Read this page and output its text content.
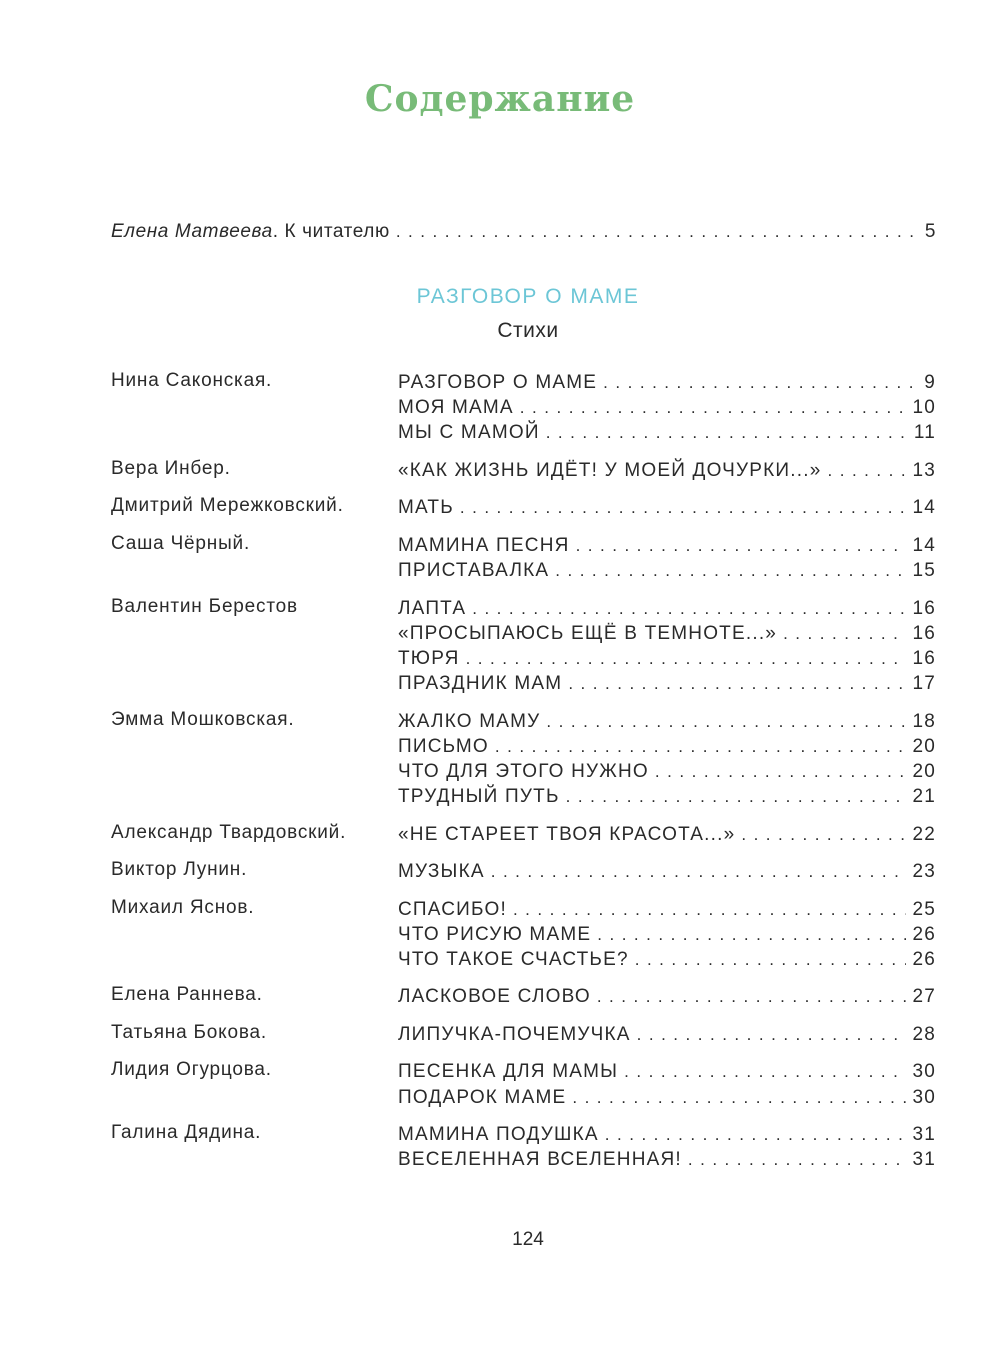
Содержание
Елена Матвеева . К читателю .....	5
РАЗГОВОР О МАМЕ
Стихи
Нина Саконская.	РАЗГОВОР О МАМЕ .....	9
МОЯ МАМА .....	10
МЫ С МАМОЙ .....	11
Вера Инбер.	«КАК ЖИЗНЬ ИДЁТ! У МОЕЙ ДОЧУРКИ...» .....	13
Дмитрий Мережковский.	МАТЬ .....	14
Саша Чёрный.	МАМИНА ПЕСНЯ .....	14
ПРИСТАВАЛКА .....	15
Валентин Берестов	ЛАПТА .....	16
«ПРОСЫПАЮСЬ ЕЩЁ В ТЕМНОТЕ...» .....	16
ТЮРЯ .....	16
ПРАЗДНИК МАМ .....	17
Эмма Мошковская.	ЖАЛКО МАМУ .....	18
ПИСЬМО .....	20
ЧТО ДЛЯ ЭТОГО НУЖНО .....	20
ТРУДНЫЙ ПУТЬ .....	21
Александр Твардовский.	«НЕ СТАРЕЕТ ТВОЯ КРАСОТА...» .....	22
Виктор Лунин.	МУЗЫКА .....	23
Михаил Яснов.	СПАСИБО! .....	25
ЧТО РИСУЮ МАМЕ .....	26
ЧТО ТАКОЕ СЧАСТЬЕ? .....	26
Елена Раннева.	ЛАСКОВОЕ СЛОВО .....	27
Татьяна Бокова.	ЛИПУЧКА-ПОЧЕМУЧКА .....	28
Лидия Огурцова.	ПЕСЕНКА ДЛЯ МАМЫ .....	30
ПОДАРОК МАМЕ .....	30
Галина Дядина.	МАМИНА ПОДУШКА .....	31
ВЕСЕЛЕННАЯ ВСЕЛЕННАЯ! .....	31
124
